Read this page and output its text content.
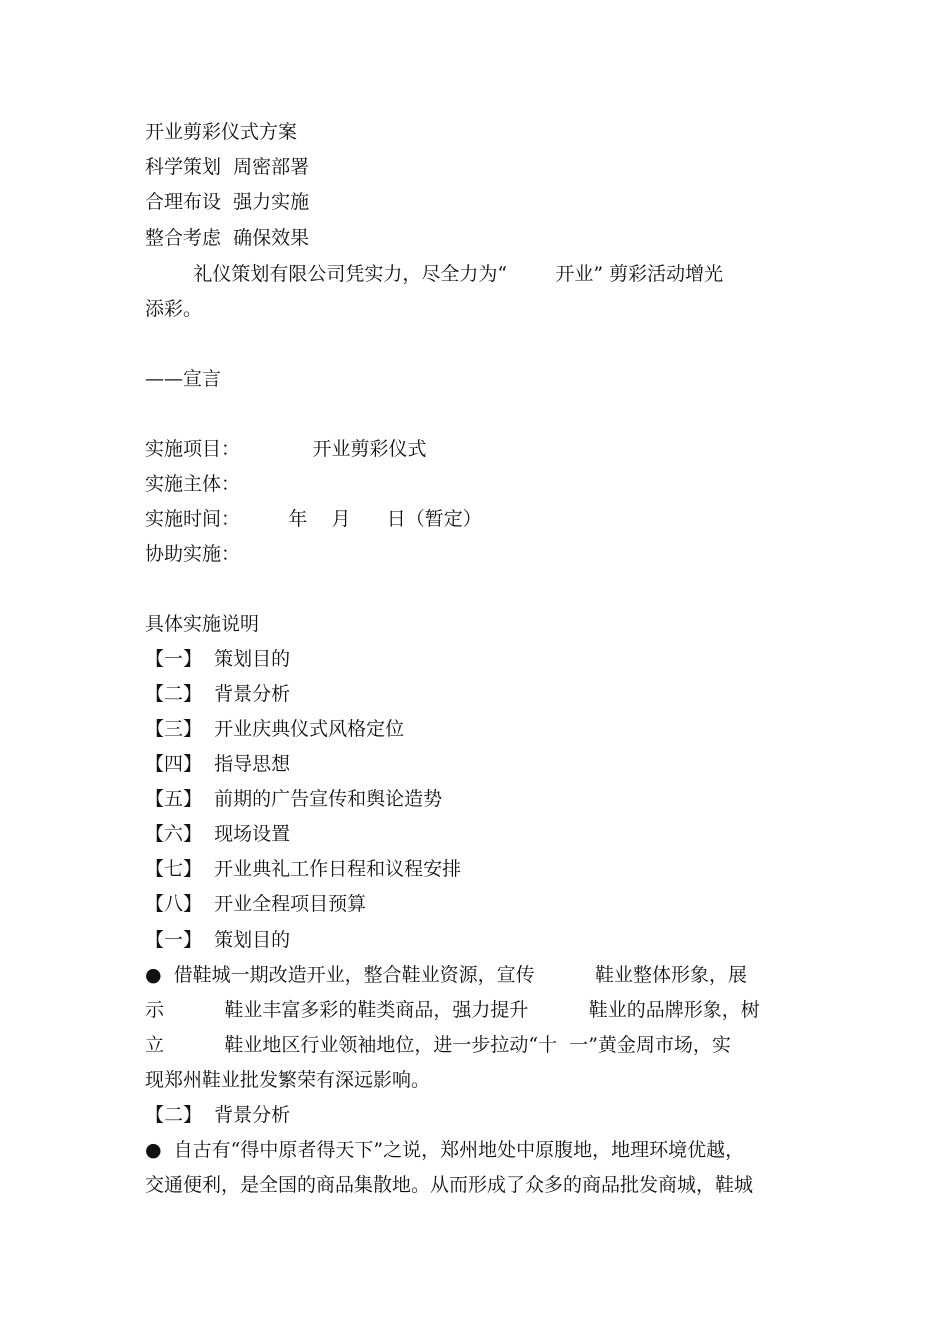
开业剪彩仪式方案
科学策划  周密部署
合理布设  强力实施
整合考虑  确保效果
礼仪策划有限公司凭实力，尽全力为“        开业” 剪彩活动增光
添彩。
——宣言
实施项目：            开业剪彩仪式
实施主体：
实施时间：        年    月      日（暂定）
协助实施：
具体实施说明
【一】  策划目的
【二】  背景分析
【三】  开业庆典仪式风格定位
【四】  指导思想
【五】  前期的广告宣传和舆论造势
【六】  现场设置
【七】  开业典礼工作日程和议程安排
【八】  开业全程项目预算
【一】  策划目的
●  借鞋城一期改造开业，整合鞋业资源，宣传          鞋业整体形象，展
示          鞋业丰富多彩的鞋类商品，强力提升          鞋业的品牌形象，树
立          鞋业地区行业领袖地位，进一步拉动“十  一”黄金周市场，实
现郑州鞋业批发繁荣有深远影响。
【二】  背景分析
●  自古有“得中原者得天下”之说，郑州地处中原腹地，地理环境优越，
交通便利，是全国的商品集散地。从而形成了众多的商品批发商城，鞋城
